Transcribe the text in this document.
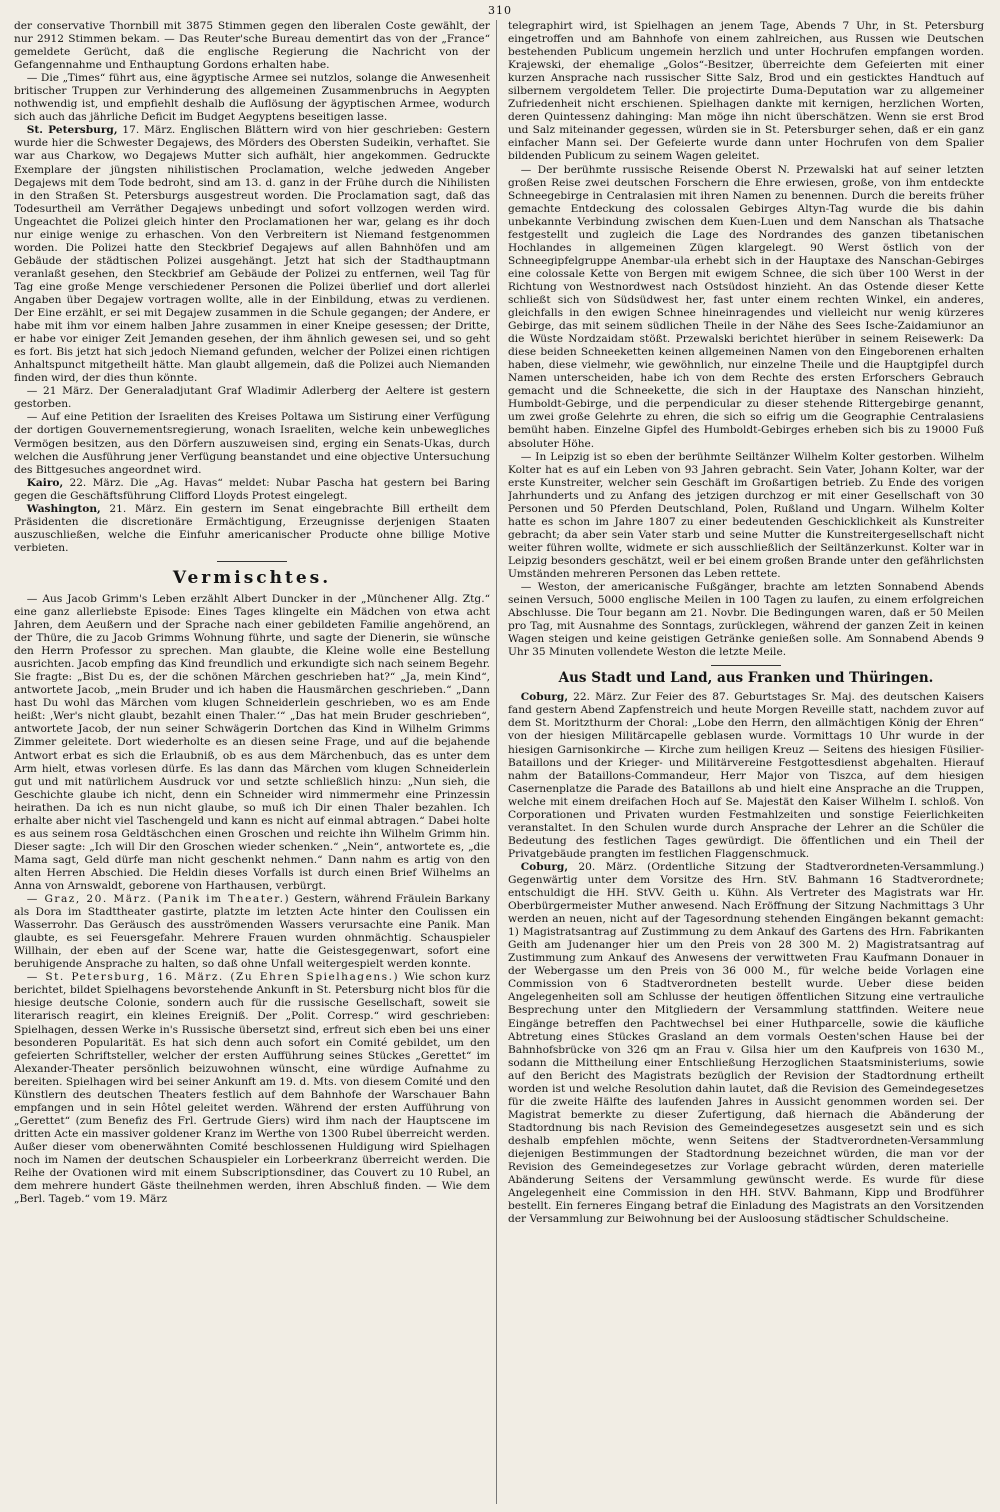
310

der conservative Thornbill mit 3875 Stimmen gegen den liberalen Coste gewählt, der nur 2912 Stimmen bekam. — Das Reuter'sche Bureau dementirt das von der „France“ gemeldete Gerücht, daß die englische Regierung die Nachricht von der Gefangennahme und Enthauptung Gordons erhalten habe.

— Die „Times“ führt aus, eine ägyptische Armee sei nutzlos, solange die Anwesenheit britischer Truppen zur Verhinderung des allgemeinen Zusammenbruchs in Aegypten nothwendig ist, und empfiehlt deshalb die Auflösung der ägyptischen Armee, wodurch sich auch das jährliche Deficit im Budget Aegyptens beseitigen lasse.

St. Petersburg, 17. März. Englischen Blättern wird von hier geschrieben: Gestern wurde hier die Schwester Degajews, des Mörders des Obersten Sudeikin, verhaftet. Sie war aus Charkow, wo Degajews Mutter sich aufhält, hier angekommen. Gedruckte Exemplare der jüngsten nihilistischen Proclamation, welche jedweden Angeber Degajews mit dem Tode bedroht, sind am 13. d. ganz in der Frühe durch die Nihilisten in den Straßen St. Petersburgs ausgestreut worden. Die Proclamation sagt, daß das Todesurtheil am Verräther Degajews unbedingt und sofort vollzogen werden wird. Ungeachtet die Polizei gleich hinter den Proclamationen her war, gelang es ihr doch nur einige wenige zu erhaschen. Von den Verbreitern ist Niemand festgenommen worden. Die Polizei hatte den Steckbrief Degajews auf allen Bahnhöfen und am Gebäude der städtischen Polizei ausgehängt. Jetzt hat sich der Stadthauptmann veranlaßt gesehen, den Steckbrief am Gebäude der Polizei zu entfernen, weil Tag für Tag eine große Menge verschiedener Personen die Polizei überlief und dort allerlei Angaben über Degajew vortragen wollte, alle in der Einbildung, etwas zu verdienen. Der Eine erzählt, er sei mit Degajew zusammen in die Schule gegangen; der Andere, er habe mit ihm vor einem halben Jahre zusammen in einer Kneipe gesessen; der Dritte, er habe vor einiger Zeit Jemanden gesehen, der ihm ähnlich gewesen sei, und so geht es fort. Bis jetzt hat sich jedoch Niemand gefunden, welcher der Polizei einen richtigen Anhaltspunct mitgetheilt hätte. Man glaubt allgemein, daß die Polizei auch Niemanden finden wird, der dies thun könnte.

— 21 März. Der Generaladjutant Graf Wladimir Adlerberg der Aeltere ist gestern gestorben.

— Auf eine Petition der Israeliten des Kreises Poltawa um Sistirung einer Verfügung der dortigen Gouvernementsregierung, wonach Israeliten, welche kein unbewegliches Vermögen besitzen, aus den Dörfern auszuweisen sind, erging ein Senats-Ukas, durch welchen die Ausführung jener Verfügung beanstandet und eine objective Untersuchung des Bittgesuches angeordnet wird.

Kairo, 22. März. Die „Ag. Havas“ meldet: Nubar Pascha hat gestern bei Baring gegen die Geschäftsführung Clifford Lloyds Protest eingelegt.

Washington, 21. März. Ein gestern im Senat eingebrachte Bill ertheilt dem Präsidenten die discretionäre Ermächtigung, Erzeugnisse derjenigen Staaten auszuschließen, welche die Einfuhr americanischer Producte ohne billige Motive verbieten.

Vermischtes.

— Aus Jacob Grimm's Leben erzählt Albert Duncker in der „Münchener Allg. Ztg.“ eine ganz allerliebste Episode: Eines Tages klingelte ein Mädchen von etwa acht Jahren, dem Aeußern und der Sprache nach einer gebildeten Familie angehörend, an der Thüre, die zu Jacob Grimms Wohnung führte, und sagte der Dienerin, sie wünsche den Herrn Professor zu sprechen. Man glaubte, die Kleine wolle eine Bestellung ausrichten. Jacob empfing das Kind freundlich und erkundigte sich nach seinem Begehr. Sie fragte: „Bist Du es, der die schönen Märchen geschrieben hat?“ „Ja, mein Kind“, antwortete Jacob, „mein Bruder und ich haben die Hausmärchen geschrieben.“ „Dann hast Du wohl das Märchen vom klugen Schneiderlein geschrieben, wo es am Ende heißt: ‚Wer's nicht glaubt, bezahlt einen Thaler.‘“ „Das hat mein Bruder geschrieben“, antwortete Jacob, der nun seiner Schwägerin Dortchen das Kind in Wilhelm Grimms Zimmer geleitete. Dort wiederholte es an diesen seine Frage, und auf die bejahende Antwort erbat es sich die Erlaubniß, ob es aus dem Märchenbuch, das es unter dem Arm hielt, etwas vorlesen dürfe. Es las dann das Märchen vom klugen Schneiderlein gut und mit natürlichem Ausdruck vor und setzte schließlich hinzu: „Nun sieh, die Geschichte glaube ich nicht, denn ein Schneider wird nimmermehr eine Prinzessin heirathen. Da ich es nun nicht glaube, so muß ich Dir einen Thaler bezahlen. Ich erhalte aber nicht viel Taschengeld und kann es nicht auf einmal abtragen.“ Dabei holte es aus seinem rosa Geldtäschchen einen Groschen und reichte ihn Wilhelm Grimm hin. Dieser sagte: „Ich will Dir den Groschen wieder schenken.“ „Nein“, antwortete es, „die Mama sagt, Geld dürfe man nicht geschenkt nehmen.“ Dann nahm es artig von den alten Herren Abschied. Die Heldin dieses Vorfalls ist durch einen Brief Wilhelms an Anna von Arnswaldt, geborene von Harthausen, verbürgt.

— Graz, 20. März. (Panik im Theater.) Gestern, während Fräulein Barkany als Dora im Stadttheater gastirte, platzte im letzten Acte hinter den Coulissen ein Wasserrohr. Das Geräusch des ausströmenden Wassers verursachte eine Panik. Man glaubte, es sei Feuersgefahr. Mehrere Frauen wurden ohnmächtig. Schauspieler Willhain, der eben auf der Scene war, hatte die Geistesgegenwart, sofort eine beruhigende Ansprache zu halten, so daß ohne Unfall weitergespielt werden konnte.

— St. Petersburg, 16. März. (Zu Ehren Spielhagens.) Wie schon kurz berichtet, bildet Spielhagens bevorstehende Ankunft in St. Petersburg nicht blos für die hiesige deutsche Colonie, sondern auch für die russische Gesellschaft, soweit sie literarisch reagirt, ein kleines Ereigniß. Der „Polit. Corresp.“ wird geschrieben: Spielhagen, dessen Werke in's Russische übersetzt sind, erfreut sich eben bei uns einer besonderen Popularität. Es hat sich denn auch sofort ein Comité gebildet, um den gefeierten Schriftsteller, welcher der ersten Aufführung seines Stückes „Gerettet“ im Alexander-Theater persönlich beizuwohnen wünscht, eine würdige Aufnahme zu bereiten. Spielhagen wird bei seiner Ankunft am 19. d. Mts. von diesem Comité und den Künstlern des deutschen Theaters festlich auf dem Bahnhofe der Warschauer Bahn empfangen und in sein Hôtel geleitet werden. Während der ersten Aufführung von „Gerettet“ (zum Benefiz des Frl. Gertrude Giers) wird ihm nach der Hauptscene im dritten Acte ein massiver goldener Kranz im Werthe von 1300 Rubel überreicht werden. Außer dieser vom obenerwähnten Comité beschlossenen Huldigung wird Spielhagen noch im Namen der deutschen Schauspieler ein Lorbeerkranz überreicht werden. Die Reihe der Ovationen wird mit einem Subscriptionsdiner, das Couvert zu 10 Rubel, an dem mehrere hundert Gäste theilnehmen werden, ihren Abschluß finden. — Wie dem „Berl. Tageb.“ vom 19. März

telegraphirt wird, ist Spielhagen an jenem Tage, Abends 7 Uhr, in St. Petersburg eingetroffen und am Bahnhofe von einem zahlreichen, aus Russen wie Deutschen bestehenden Publicum ungemein herzlich und unter Hochrufen empfangen worden. Krajewski, der ehemalige „Golos“-Besitzer, überreichte dem Gefeierten mit einer kurzen Ansprache nach russischer Sitte Salz, Brod und ein gesticktes Handtuch auf silbernem vergoldetem Teller. Die projectirte Duma-Deputation war zu allgemeiner Zufriedenheit nicht erschienen. Spielhagen dankte mit kernigen, herzlichen Worten, deren Quintessenz dahinging: Man möge ihn nicht überschätzen. Wenn sie erst Brod und Salz miteinander gegessen, würden sie in St. Petersburger sehen, daß er ein ganz einfacher Mann sei. Der Gefeierte wurde dann unter Hochrufen von dem Spalier bildenden Publicum zu seinem Wagen geleitet.

— Der berühmte russische Reisende Oberst N. Przewalski hat auf seiner letzten großen Reise zwei deutschen Forschern die Ehre erwiesen, große, von ihm entdeckte Schneegebirge in Centralasien mit ihren Namen zu benennen. Durch die bereits früher gemachte Entdeckung des colossalen Gebirges Altyn-Tag wurde die bis dahin unbekannte Verbindung zwischen dem Kuen-Luen und dem Nanschan als Thatsache festgestellt und zugleich die Lage des Nordrandes des ganzen tibetanischen Hochlandes in allgemeinen Zügen klargelegt. 90 Werst östlich von der Schneegipfelgruppe Anembar-ula erhebt sich in der Hauptaxe des Nanschan-Gebirges eine colossale Kette von Bergen mit ewigem Schnee, die sich über 100 Werst in der Richtung von Westnordwest nach Ostsüdost hinzieht. An das Ostende dieser Kette schließt sich von Südsüdwest her, fast unter einem rechten Winkel, ein anderes, gleichfalls in den ewigen Schnee hineinragendes und vielleicht nur wenig kürzeres Gebirge, das mit seinem südlichen Theile in der Nähe des Sees Ische-Zaidamiunor an die Wüste Nordzaidam stößt. Przewalski berichtet hierüber in seinem Reisewerk: Da diese beiden Schneeketten keinen allgemeinen Namen von den Eingeborenen erhalten haben, diese vielmehr, wie gewöhnlich, nur einzelne Theile und die Hauptgipfel durch Namen unterscheiden, habe ich von dem Rechte des ersten Erforschers Gebrauch gemacht und die Schneekette, die sich in der Hauptaxe des Nanschan hinzieht, Humboldt-Gebirge, und die perpendicular zu dieser stehende Rittergebirge genannt, um zwei große Gelehrte zu ehren, die sich so eifrig um die Geographie Centralasiens bemüht haben. Einzelne Gipfel des Humboldt-Gebirges erheben sich bis zu 19000 Fuß absoluter Höhe.

— In Leipzig ist so eben der berühmte Seiltänzer Wilhelm Kolter gestorben. Wilhelm Kolter hat es auf ein Leben von 93 Jahren gebracht. Sein Vater, Johann Kolter, war der erste Kunstreiter, welcher sein Geschäft im Großartigen betrieb. Zu Ende des vorigen Jahrhunderts und zu Anfang des jetzigen durchzog er mit einer Gesellschaft von 30 Personen und 50 Pferden Deutschland, Polen, Rußland und Ungarn. Wilhelm Kolter hatte es schon im Jahre 1807 zu einer bedeutenden Geschicklichkeit als Kunstreiter gebracht; da aber sein Vater starb und seine Mutter die Kunstreitergesellschaft nicht weiter führen wollte, widmete er sich ausschließlich der Seiltänzerkunst. Kolter war in Leipzig besonders geschätzt, weil er bei einem großen Brande unter den gefährlichsten Umständen mehreren Personen das Leben rettete.

— Weston, der americanische Fußgänger, brachte am letzten Sonnabend Abends seinen Versuch, 5000 englische Meilen in 100 Tagen zu laufen, zu einem erfolgreichen Abschlusse. Die Tour begann am 21. Novbr. Die Bedingungen waren, daß er 50 Meilen pro Tag, mit Ausnahme des Sonntags, zurücklegen, während der ganzen Zeit in keinen Wagen steigen und keine geistigen Getränke genießen solle. Am Sonnabend Abends 9 Uhr 35 Minuten vollendete Weston die letzte Meile.

Aus Stadt und Land, aus Franken und Thüringen.

Coburg, 22. März. Zur Feier des 87. Geburtstages Sr. Maj. des deutschen Kaisers fand gestern Abend Zapfenstreich und heute Morgen Reveille statt, nachdem zuvor auf dem St. Moritzthurm der Choral: „Lobe den Herrn, den allmächtigen König der Ehren“ von der hiesigen Militärcapelle geblasen wurde. Vormittags 10 Uhr wurde in der hiesigen Garnisonkirche — Kirche zum heiligen Kreuz — Seitens des hiesigen Füsilier-Bataillons und der Krieger- und Militärvereine Festgottesdienst abgehalten. Hierauf nahm der Bataillons-Commandeur, Herr Major von Tiszca, auf dem hiesigen Casernenplatze die Parade des Bataillons ab und hielt eine Ansprache an die Truppen, welche mit einem dreifachen Hoch auf Se. Majestät den Kaiser Wilhelm I. schloß. Von Corporationen und Privaten wurden Festmahlzeiten und sonstige Feierlichkeiten veranstaltet. In den Schulen wurde durch Ansprache der Lehrer an die Schüler die Bedeutung des festlichen Tages gewürdigt. Die öffentlichen und ein Theil der Privatgebäude prangten im festlichen Flaggenschmuck.

Coburg, 20. März. (Ordentliche Sitzung der Stadtverordneten-Versammlung.) Gegenwärtig unter dem Vorsitze des Hrn. StV. Bahmann 16 Stadtverordnete; entschuldigt die HH. StVV. Geith u. Kühn. Als Vertreter des Magistrats war Hr. Oberbürgermeister Muther anwesend. Nach Eröffnung der Sitzung Nachmittags 3 Uhr werden an neuen, nicht auf der Tagesordnung stehenden Eingängen bekannt gemacht: 1) Magistratsantrag auf Zustimmung zu dem Ankauf des Gartens des Hrn. Fabrikanten Geith am Judenanger hier um den Preis von 28 300 M. 2) Magistratsantrag auf Zustimmung zum Ankauf des Anwesens der verwittweten Frau Kaufmann Donauer in der Webergasse um den Preis von 36 000 M., für welche beide Vorlagen eine Commission von 6 Stadtverordneten bestellt wurde. Ueber diese beiden Angelegenheiten soll am Schlusse der heutigen öffentlichen Sitzung eine vertrauliche Besprechung unter den Mitgliedern der Versammlung stattfinden. Weitere neue Eingänge betreffen den Pachtwechsel bei einer Huthparcelle, sowie die käufliche Abtretung eines Stückes Grasland an dem vormals Oesten'schen Hause bei der Bahnhofsbrücke von 326 qm an Frau v. Gilsa hier um den Kaufpreis von 1630 M., sodann die Mittheilung einer Entschließung Herzoglichen Staatsministeriums, sowie auf den Bericht des Magistrats bezüglich der Revision der Stadtordnung ertheilt worden ist und welche Resolution dahin lautet, daß die Revision des Gemeindegesetzes für die zweite Hälfte des laufenden Jahres in Aussicht genommen worden sei. Der Magistrat bemerkte zu dieser Zufertigung, daß hiernach die Abänderung der Stadtordnung bis nach Revision des Gemeindegesetzes ausgesetzt sein und es sich deshalb empfehlen möchte, wenn Seitens der Stadtverordneten-Versammlung diejenigen Bestimmungen der Stadtordnung bezeichnet würden, die man vor der Revision des Gemeindegesetzes zur Vorlage gebracht würden, deren materielle Abänderung Seitens der Versammlung gewünscht werde. Es wurde für diese Angelegenheit eine Commission in den HH. StVV. Bahmann, Kipp und Brodführer bestellt. Ein ferneres Eingang betraf die Einladung des Magistrats an den Vorsitzenden der Versammlung zur Beiwohnung bei der Ausloosung städtischer Schuldscheine.
